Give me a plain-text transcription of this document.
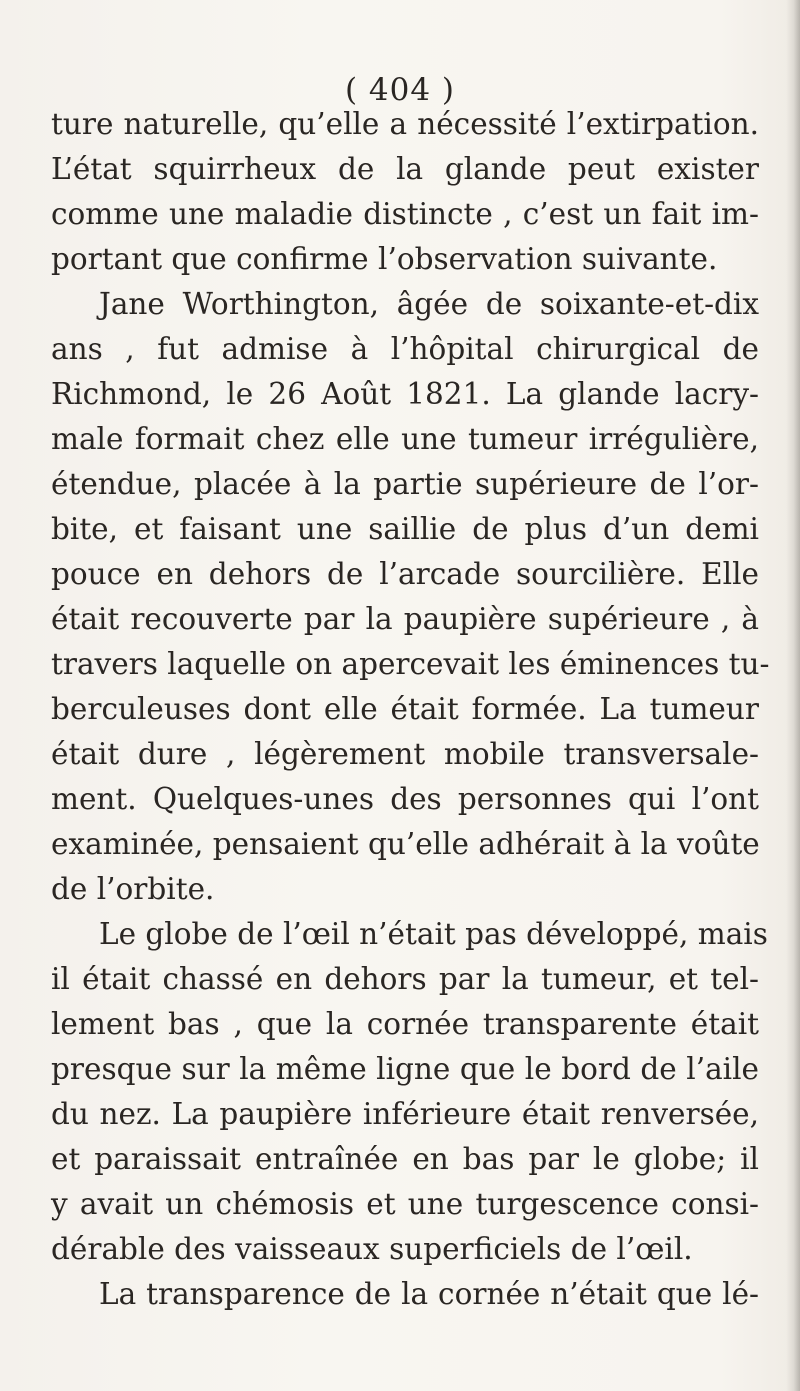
( 404 )
ture naturelle, qu’elle a nécessité l’extirpation.
L’état squirrheux de la glande peut exister
comme une maladie distincte , c’est un fait im-
portant que confirme l’observation suivante.
Jane Worthington, âgée de soixante-et-dix
ans , fut admise à l’hôpital chirurgical de
Richmond, le 26 Août 1821. La glande lacry-
male formait chez elle une tumeur irrégulière,
étendue, placée à la partie supérieure de l’or-
bite, et faisant une saillie de plus d’un demi
pouce en dehors de l’arcade sourcilière. Elle
était recouverte par la paupière supérieure , à
travers laquelle on apercevait les éminences tu-
berculeuses dont elle était formée. La tumeur
était dure , légèrement mobile transversale-
ment. Quelques-unes des personnes qui l’ont
examinée, pensaient qu’elle adhérait à la voûte
de l’orbite.
Le globe de l’œil n’était pas développé, mais
il était chassé en dehors par la tumeur, et tel-
lement bas , que la cornée transparente était
presque sur la même ligne que le bord de l’aile
du nez. La paupière inférieure était renversée,
et paraissait entraînée en bas par le globe; il
y avait un chémosis et une turgescence consi-
dérable des vaisseaux superficiels de l’œil.
La transparence de la cornée n’était que lé-
